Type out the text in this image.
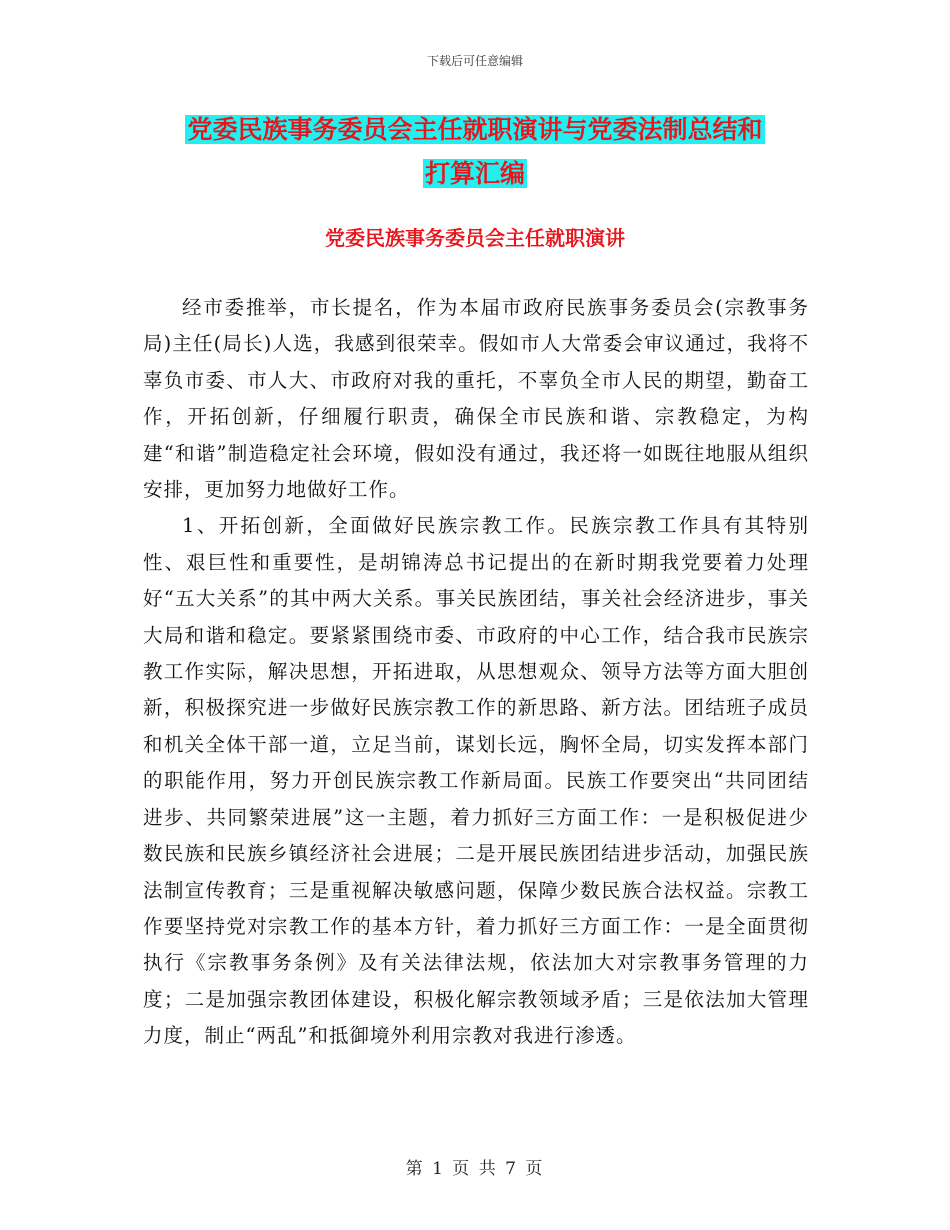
下载后可任意编辑
党委民族事务委员会主任就职演讲与党委法制总结和
打算汇编
党委民族事务委员会主任就职演讲

经市委推举，市长提名，作为本届市政府民族事务委员会(宗教事务局)主任(局长)人选，我感到很荣幸。假如市人大常委会审议通过，我将不辜负市委、市人大、市政府对我的重托，不辜负全市人民的期望，勤奋工作，开拓创新，仔细履行职责，确保全市民族和谐、宗教稳定，为构建“和谐”制造稳定社会环境，假如没有通过，我还将一如既往地服从组织安排，更加努力地做好工作。

1、开拓创新，全面做好民族宗教工作。民族宗教工作具有其特别性、艰巨性和重要性，是胡锦涛总书记提出的在新时期我党要着力处理好“五大关系”的其中两大关系。事关民族团结，事关社会经济进步，事关大局和谐和稳定。要紧紧围绕市委、市政府的中心工作，结合我市民族宗教工作实际，解决思想，开拓进取，从思想观众、领导方法等方面大胆创新，积极探究进一步做好民族宗教工作的新思路、新方法。团结班子成员和机关全体干部一道，立足当前，谋划长远，胸怀全局，切实发挥本部门的职能作用，努力开创民族宗教工作新局面。民族工作要突出“共同团结进步、共同繁荣进展”这一主题，着力抓好三方面工作：一是积极促进少数民族和民族乡镇经济社会进展；二是开展民族团结进步活动，加强民族法制宣传教育；三是重视解决敏感问题，保障少数民族合法权益。宗教工作要坚持党对宗教工作的基本方针，着力抓好三方面工作：一是全面贯彻执行《宗教事务条例》及有关法律法规，依法加大对宗教事务管理的力度；二是加强宗教团体建设，积极化解宗教领域矛盾；三是依法加大管理力度，制止“两乱”和抵御境外利用宗教对我进行渗透。

第 1 页 共 7 页
